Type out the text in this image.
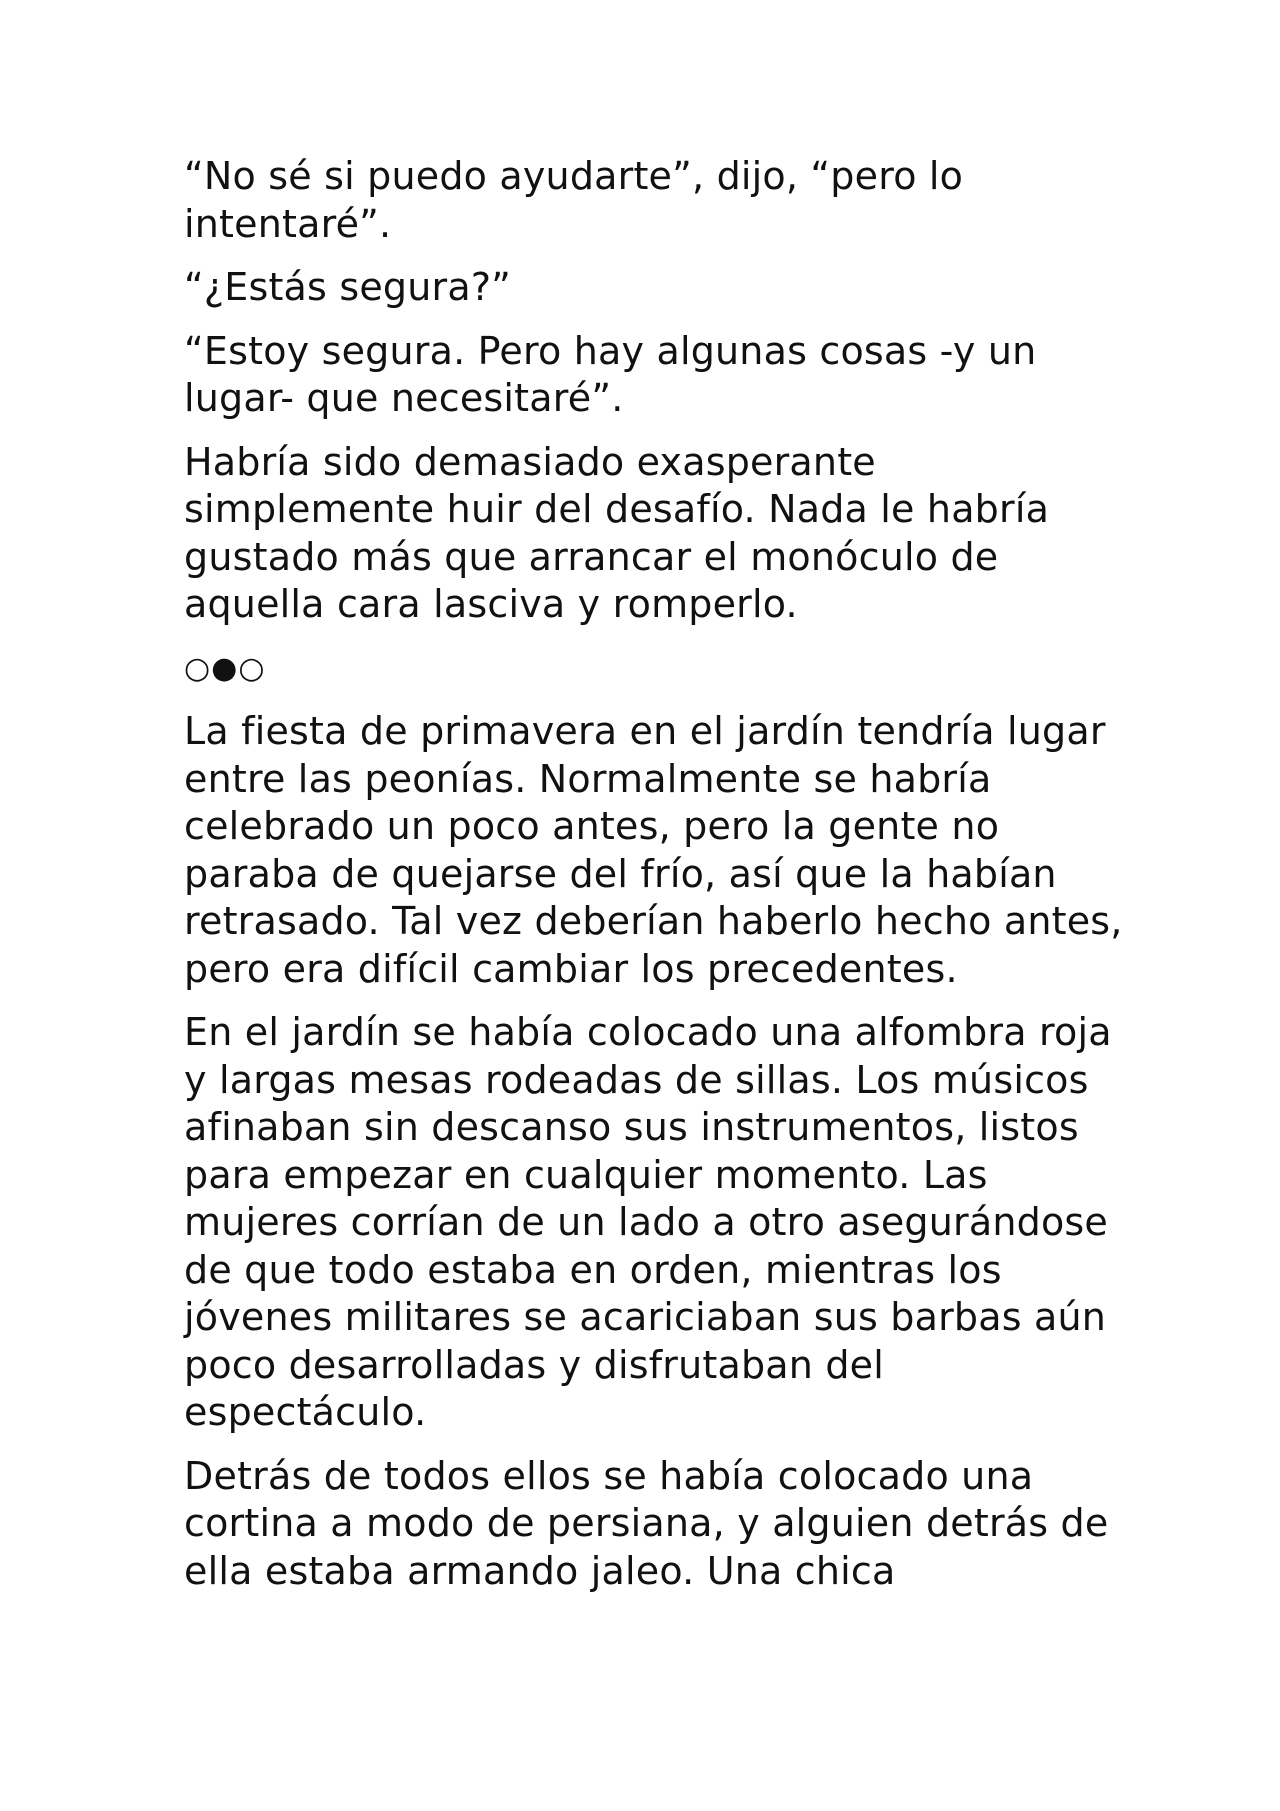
“No sé si puedo ayudarte”, dijo, “pero lo intentaré”.

“¿Estás segura?”

“Estoy segura. Pero hay algunas cosas -y un lugar- que necesitaré”.

Habría sido demasiado exasperante simplemente huir del desafío. Nada le habría gustado más que arrancar el monóculo de aquella cara lasciva y romperlo.

○●○

La fiesta de primavera en el jardín tendría lugar entre las peonías. Normalmente se habría celebrado un poco antes, pero la gente no paraba de quejarse del frío, así que la habían retrasado. Tal vez deberían haberlo hecho antes, pero era difícil cambiar los precedentes.

En el jardín se había colocado una alfombra roja y largas mesas rodeadas de sillas. Los músicos afinaban sin descanso sus instrumentos, listos para empezar en cualquier momento. Las mujeres corrían de un lado a otro asegurándose de que todo estaba en orden, mientras los jóvenes militares se acariciaban sus barbas aún poco desarrolladas y disfrutaban del espectáculo.

Detrás de todos ellos se había colocado una cortina a modo de persiana, y alguien detrás de ella estaba armando jaleo. Una chica
